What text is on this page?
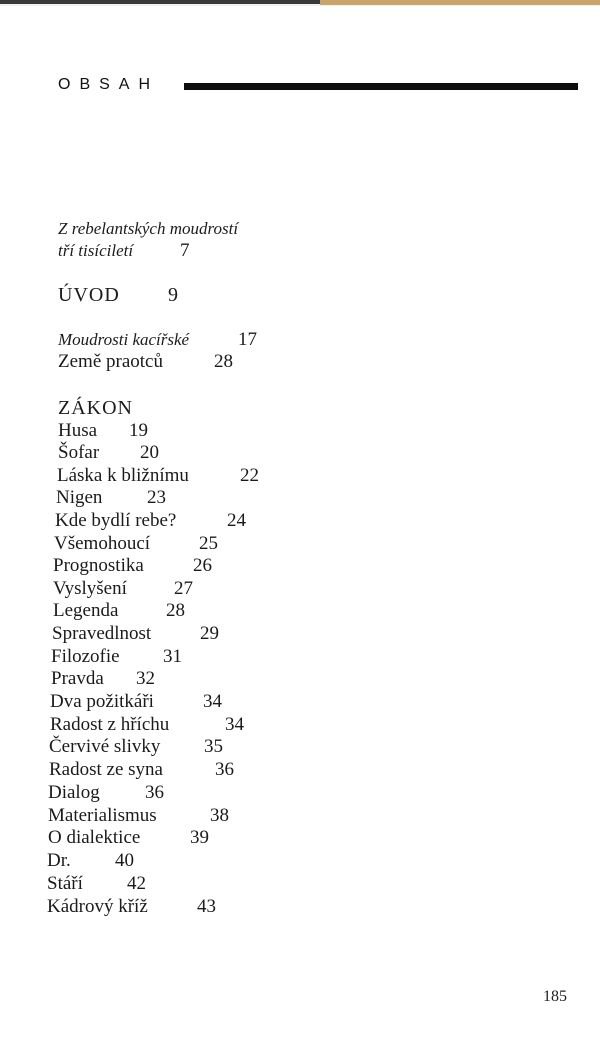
OBSAH
Z rebelantských moudrostí
tří tisíciletí 7
ÚVOD 9
Moudrosti kacířské	17
Země praotců	28
ZÁKON
Husa 19
Šofar 20
Láska k bližnímu	22
Nigen 23
Kde bydlí rebe?	24
Všemohoucí	25
Prognostika	26
Vyslyšení 27
Legenda	28
Spravedlnost	29
Filozofie 31
Pravda 32
Dva požitkáři	34
Radost z hříchu	34
Červivé slivky 35
Radost ze syna	36
Dialog 36
Materialismus	38
O dialektice	39
Dr. 40
Stáří 42
Kádrový kříž	43
185
